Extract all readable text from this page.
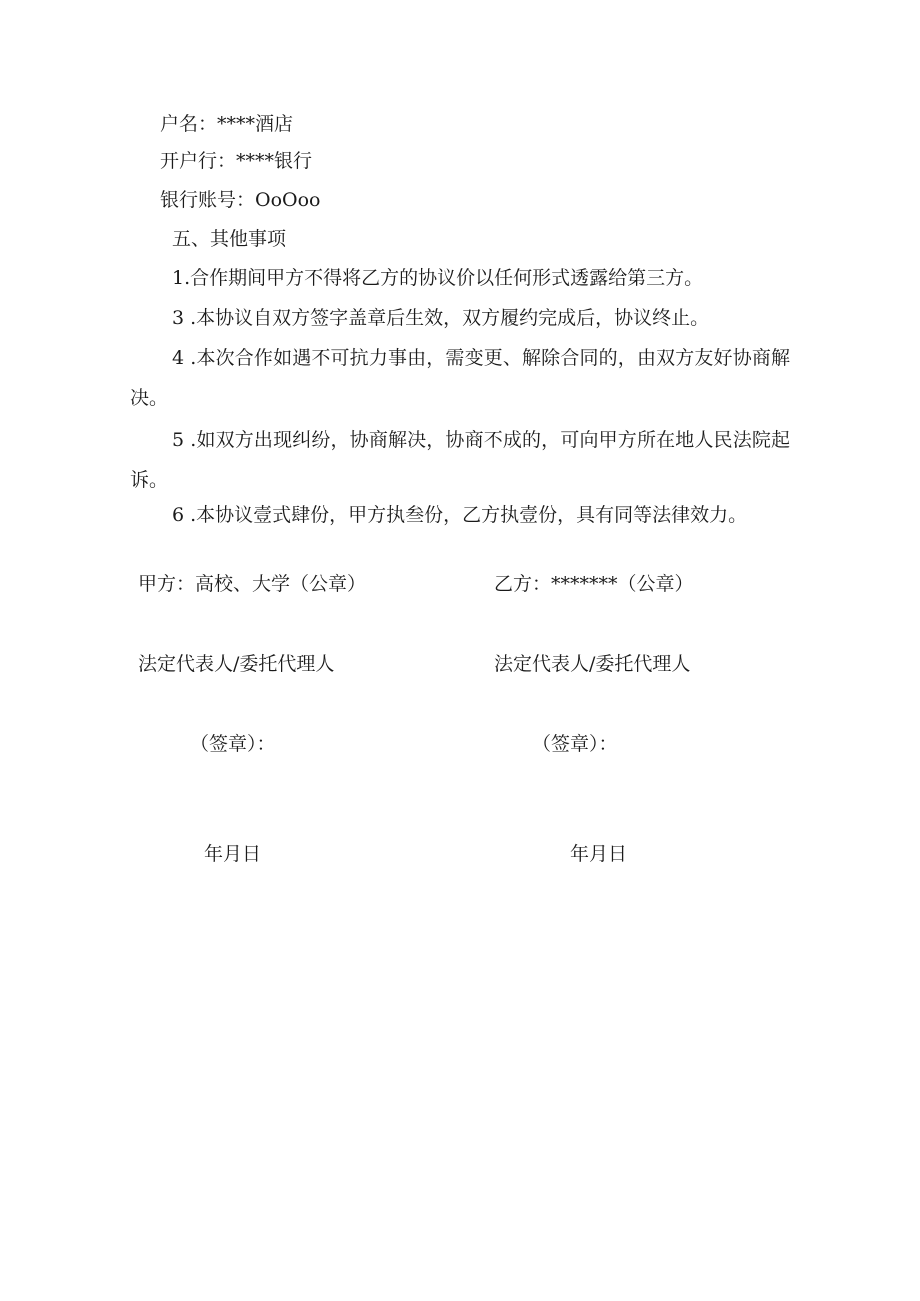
户名：****酒店
开户行：****银行
银行账号：OoOoo
五、其他事项
1.合作期间甲方不得将乙方的协议价以任何形式透露给第三方。
3 .本协议自双方签字盖章后生效，双方履约完成后，协议终止。
4 .本次合作如遇不可抗力事由，需变更、解除合同的，由双方友好协商解决。
5 .如双方出现纠纷，协商解决，协商不成的，可向甲方所在地人民法院起诉。
6 .本协议壹式肆份，甲方执叁份，乙方执壹份，具有同等法律效力。
甲方：高校、大学（公章）	乙方：*******（公章）
法定代表人/委托代理人	法定代表人/委托代理人
（签章）：	（签章）：
年月日	年月日
